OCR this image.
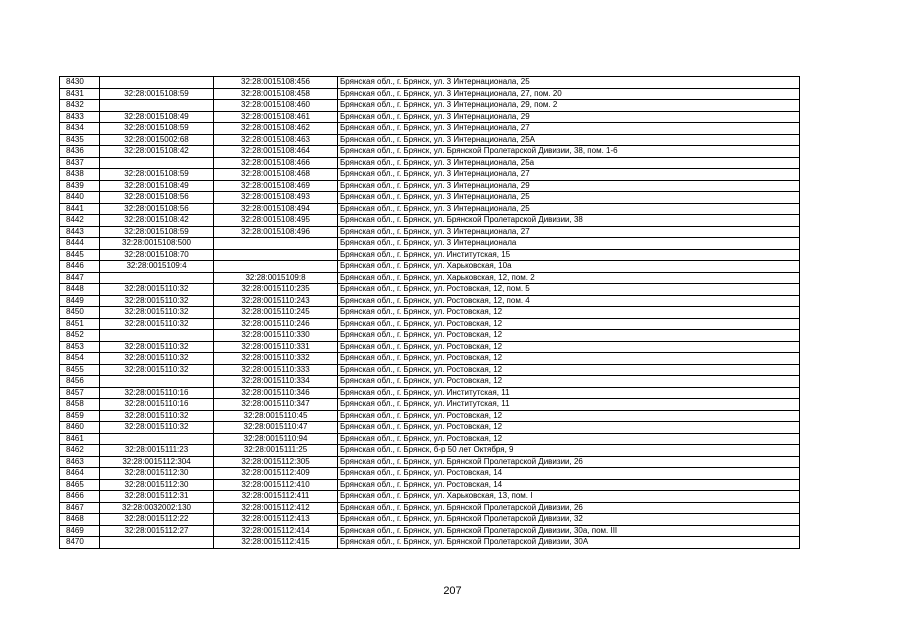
8430		32:28:0015108:456	Брянская обл., г. Брянск, ул. 3 Интернационала, 25
8431	32:28:0015108:59	32:28:0015108:458	Брянская обл., г. Брянск, ул. 3 Интернационала, 27, пом. 20
8432		32:28:0015108:460	Брянская обл., г. Брянск, ул. 3 Интернационала, 29, пом. 2
8433	32:28:0015108:49	32:28:0015108:461	Брянская обл., г. Брянск, ул. 3 Интернационала, 29
8434	32:28:0015108:59	32:28:0015108:462	Брянская обл., г. Брянск, ул. 3 Интернационала, 27
8435	32:28:0015002:68	32:28:0015108:463	Брянская обл., г. Брянск, ул. 3 Интернационала, 25А
8436	32:28:0015108:42	32:28:0015108:464	Брянская обл., г. Брянск, ул. Брянской Пролетарской Дивизии, 38, пом. 1-6
8437		32:28:0015108:466	Брянская обл., г. Брянск, ул. 3 Интернационала, 25а
8438	32:28:0015108:59	32:28:0015108:468	Брянская обл., г. Брянск, ул. 3 Интернационала, 27
8439	32:28:0015108:49	32:28:0015108:469	Брянская обл., г. Брянск, ул. 3 Интернационала, 29
8440	32:28:0015108:56	32:28:0015108:493	Брянская обл., г. Брянск, ул. 3 Интернационала, 25
8441	32:28:0015108:56	32:28:0015108:494	Брянская обл., г. Брянск, ул. 3 Интернационала, 25
8442	32:28:0015108:42	32:28:0015108:495	Брянская обл., г. Брянск, ул. Брянской Пролетарской Дивизии, 38
8443	32:28:0015108:59	32:28:0015108:496	Брянская обл., г. Брянск, ул. 3 Интернационала, 27
8444	32:28:0015108:500		Брянская обл., г. Брянск, ул. 3 Интернационала
8445	32:28:0015108:70		Брянская обл., г. Брянск, ул. Институтская, 15
8446	32:28:0015109:4		Брянская обл., г. Брянск, ул. Харьковская, 10а
8447		32:28:0015109:8	Брянская обл., г. Брянск, ул. Харьковская, 12, пом. 2
8448	32:28:0015110:32	32:28:0015110:235	Брянская обл., г. Брянск, ул. Ростовская, 12, пом. 5
8449	32:28:0015110:32	32:28:0015110:243	Брянская обл., г. Брянск, ул. Ростовская, 12, пом. 4
8450	32:28:0015110:32	32:28:0015110:245	Брянская обл., г. Брянск, ул. Ростовская, 12
8451	32:28:0015110:32	32:28:0015110:246	Брянская обл., г. Брянск, ул. Ростовская, 12
8452		32:28:0015110:330	Брянская обл., г. Брянск, ул. Ростовская, 12
8453	32:28:0015110:32	32:28:0015110:331	Брянская обл., г. Брянск, ул. Ростовская, 12
8454	32:28:0015110:32	32:28:0015110:332	Брянская обл., г. Брянск, ул. Ростовская, 12
8455	32:28:0015110:32	32:28:0015110:333	Брянская обл., г. Брянск, ул. Ростовская, 12
8456		32:28:0015110:334	Брянская обл., г. Брянск, ул. Ростовская, 12
8457	32:28:0015110:16	32:28:0015110:346	Брянская обл., г. Брянск, ул. Институтская, 11
8458	32:28:0015110:16	32:28:0015110:347	Брянская обл., г. Брянск, ул. Институтская, 11
8459	32:28:0015110:32	32:28:0015110:45	Брянская обл., г. Брянск, ул. Ростовская, 12
8460	32:28:0015110:32	32:28:0015110:47	Брянская обл., г. Брянск, ул. Ростовская, 12
8461		32:28:0015110:94	Брянская обл., г. Брянск, ул. Ростовская, 12
8462	32:28:0015111:23	32:28:0015111:25	Брянская обл., г. Брянск, б-р 50 лет Октября, 9
8463	32:28:0015112:304	32:28:0015112:305	Брянская обл., г. Брянск, ул. Брянской Пролетарской Дивизии, 26
8464	32:28:0015112:30	32:28:0015112:409	Брянская обл., г. Брянск, ул. Ростовская, 14
8465	32:28:0015112:30	32:28:0015112:410	Брянская обл., г. Брянск, ул. Ростовская, 14
8466	32:28:0015112:31	32:28:0015112:411	Брянская обл., г. Брянск, ул. Харьковская, 13, пом. I
8467	32:28:0032002:130	32:28:0015112:412	Брянская обл., г. Брянск, ул. Брянской Пролетарской Дивизии, 26
8468	32:28:0015112:22	32:28:0015112:413	Брянская обл., г. Брянск, ул. Брянской Пролетарской Дивизии, 32
8469	32:28:0015112:27	32:28:0015112:414	Брянская обл., г. Брянск, ул. Брянской Пролетарской Дивизии, 30а, пом. III
8470		32:28:0015112:415	Брянская обл., г. Брянск, ул. Брянской Пролетарской Дивизии, 30А
207
